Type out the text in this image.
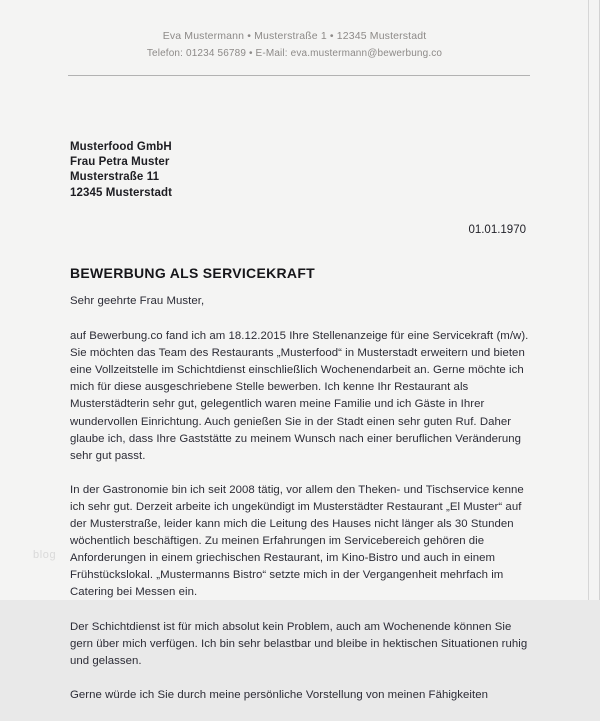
Eva Mustermann • Musterstraße 1 • 12345 Musterstadt
Telefon: 01234 56789 • E-Mail: eva.mustermann@bewerbung.co
Musterfood GmbH
Frau Petra Muster
Musterstraße 11
12345 Musterstadt
01.01.1970
BEWERBUNG ALS SERVICEKRAFT

Sehr geehrte Frau Muster,

auf Bewerbung.co fand ich am 18.12.2015 Ihre Stellenanzeige für eine Servicekraft (m/w). Sie möchten das Team des Restaurants „Musterfood“ in Musterstadt erweitern und bieten eine Vollzeitstelle im Schichtdienst einschließlich Wochenendarbeit an. Gerne möchte ich mich für diese ausgeschriebene Stelle bewerben. Ich kenne Ihr Restaurant als Musterstädterin sehr gut, gelegentlich waren meine Familie und ich Gäste in Ihrer wundervollen Einrichtung. Auch genießen Sie in der Stadt einen sehr guten Ruf. Daher glaube ich, dass Ihre Gaststätte zu meinem Wunsch nach einer beruflichen Veränderung sehr gut passt.

In der Gastronomie bin ich seit 2008 tätig, vor allem den Theken- und Tischservice kenne ich sehr gut. Derzeit arbeite ich ungekündigt im Musterstädter Restaurant „El Muster“ auf der Musterstraße, leider kann mich die Leitung des Hauses nicht länger als 30 Stunden wöchentlich beschäftigen. Zu meinen Erfahrungen im Servicebereich gehören die Anforderungen in einem griechischen Restaurant, im Kino-Bistro und auch in einem Frühstückslokal. „Mustermanns Bistro“ setzte mich in der Vergangenheit mehrfach im Catering bei Messen ein.

Der Schichtdienst ist für mich absolut kein Problem, auch am Wochenende können Sie gern über mich verfügen. Ich bin sehr belastbar und bleibe in hektischen Situationen ruhig und gelassen.

Gerne würde ich Sie durch meine persönliche Vorstellung von meinen Fähigkeiten

blog
